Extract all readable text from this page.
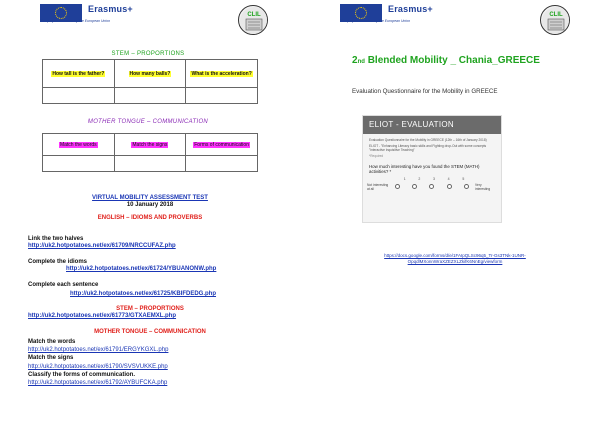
Erasmus+
This project is funded by the European Union
CLIL
STEM – PROPORTIONS
How tall is the father?	How many balls?	What is the acceleration?

MOTHER TONGUE – COMMUNICATION
Match the words	Match the signs	Forms of communication

VIRTUAL MOBILITY ASSESSMENT TEST
10 January 2018
ENGLISH – IDIOMS AND PROVERBS
Link the two halves
http://uk2.hotpotatoes.net/ex/61709/NRCCUFAZ.php
Complete the idioms
http://uk2.hotpotatoes.net/ex/61724/YBUANONW.php
Complete each sentence
http://uk2.hotpotatoes.net/ex/61725/KBIFDEDG.php
STEM – PROPORTIONS
http://uk2.hotpotatoes.net/ex/61773/GTXAEMXL.php
MOTHER TONGUE – COMMUNICATION
Match the words
http://uk2.hotpotatoes.net/ex/61791/ERGYKGXL.php
Match the signs
http://uk2.hotpotatoes.net/ex/61790/SVSVUKKE.php
Classify the forms of communication.
http://uk2.hotpotatoes.net/ex/61792/AYBUFCKA.php
Erasmus+
This project is funded by the European Union
CLIL
2nd Blended Mobility _ Chania_GREECE
Evaluation Questionnaire for the Mobility in GREECE
ELIOT - EVALUATION
Evaluation Questionnaire for the Mobility in GREECE (12th – 16th of January 2018)
ELIOT - "Enhancing Literacy basic skills and Fighting drop-Out with some concepts "Interactive Inquisitive Teaching"
*Required
How much interesting have you found the STEM (MATH) activities? *
1	2	3	4	5
Not interesting at all
Very interesting
https://docs.google.com/forms/d/e/1FAIpQLSc96q5_Tr-Gs3TNk-1UNR-OpqdlMXonnWraXZEZXLZkifK6NnEg/viewform
